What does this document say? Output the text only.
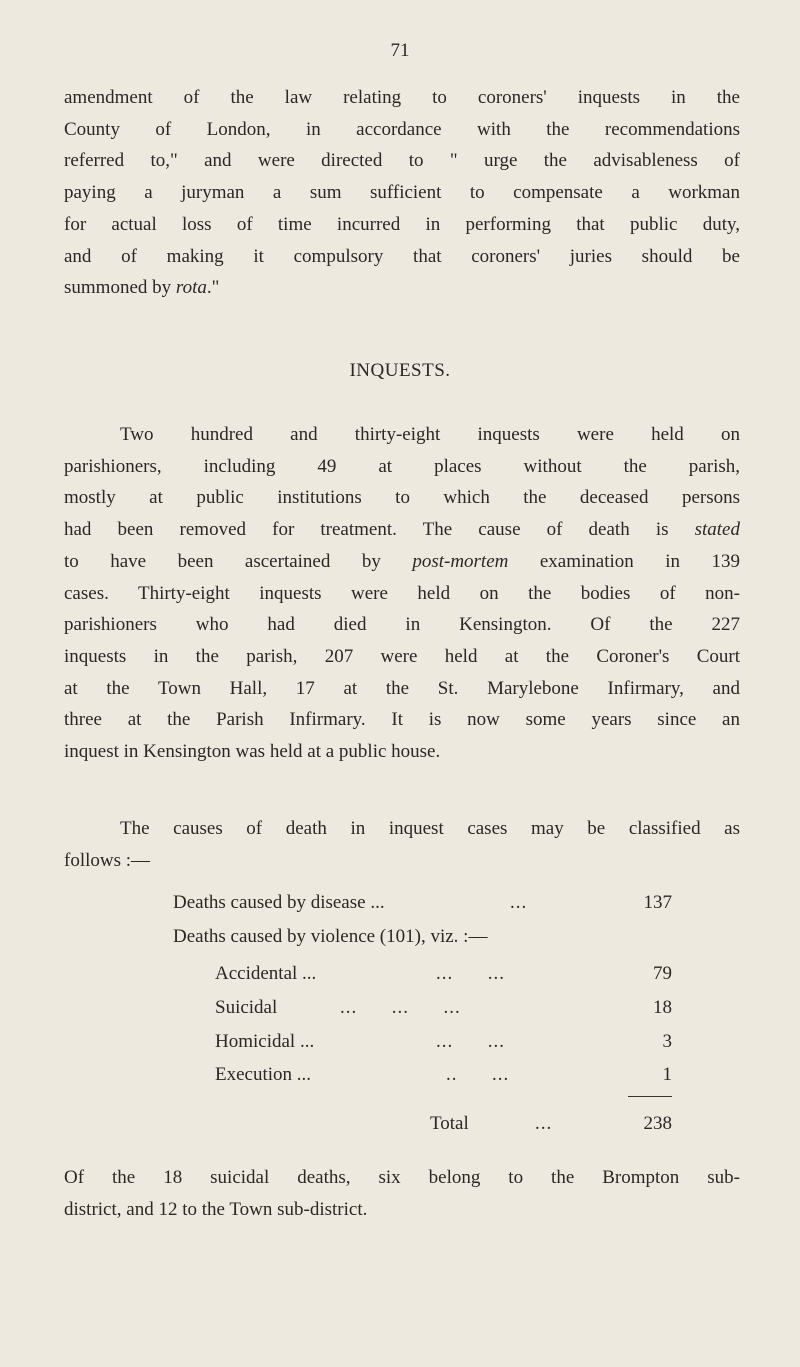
71

amendment of the law relating to coroners' inquests in the
County of London, in accordance with the recommendations
referred to," and were directed to " urge the advisableness of
paying a juryman a sum sufficient to compensate a workman
for actual loss of time incurred in performing that public duty,
and of making it compulsory that coroners' juries should be
summoned by rota."

INQUESTS.

Two hundred and thirty-eight inquests were held on
parishioners, including 49 at places without the parish,
mostly at public institutions to which the deceased persons
had been removed for treatment. The cause of death is stated
to have been ascertained by post-mortem examination in 139
cases. Thirty-eight inquests were held on the bodies of non-
parishioners who had died in Kensington. Of the 227
inquests in the parish, 207 were held at the Coroner's Court
at the Town Hall, 17 at the St. Marylebone Infirmary, and
three at the Parish Infirmary. It is now some years since an
inquest in Kensington was held at a public house.

The causes of death in inquest cases may be classified as
follows :—

Deaths caused by disease ...	...	137
Deaths caused by violence (101), viz. :—
Accidental ...	...      ...	79
Suicidal	...      ...      ...	18
Homicidal ...	...      ...	3
Execution ...	..      ...	1
Total	...	238

Of the 18 suicidal deaths, six belong to the Brompton sub-
district, and 12 to the Town sub-district.
